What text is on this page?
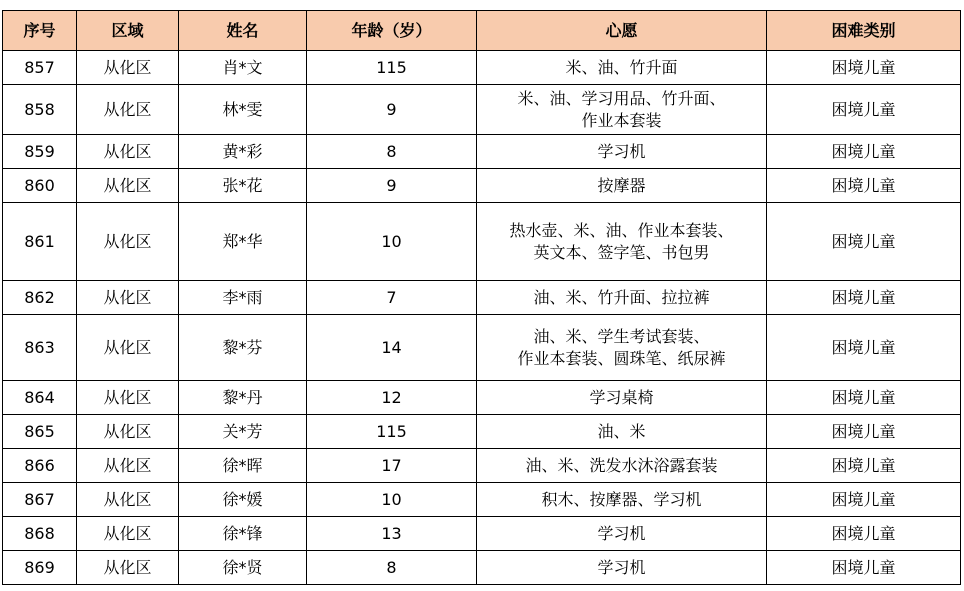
序号	区域	姓名	年龄（岁）	心愿	困难类别
857	从化区	肖*文	115	米、油、竹升面	困境儿童
858	从化区	林*雯	9	米、油、学习用品、竹升面、
作业本套装	困境儿童
859	从化区	黄*彩	8	学习机	困境儿童
860	从化区	张*花	9	按摩器	困境儿童
861	从化区	郑*华	10	热水壶、米、油、作业本套装、
英文本、签字笔、书包男	困境儿童
862	从化区	李*雨	7	油、米、竹升面、拉拉裤	困境儿童
863	从化区	黎*芬	14	油、米、学生考试套装、
作业本套装、圆珠笔、纸尿裤	困境儿童
864	从化区	黎*丹	12	学习桌椅	困境儿童
865	从化区	关*芳	115	油、米	困境儿童
866	从化区	徐*晖	17	油、米、洗发水沐浴露套装	困境儿童
867	从化区	徐*媛	10	积木、按摩器、学习机	困境儿童
868	从化区	徐*锋	13	学习机	困境儿童
869	从化区	徐*贤	8	学习机	困境儿童
